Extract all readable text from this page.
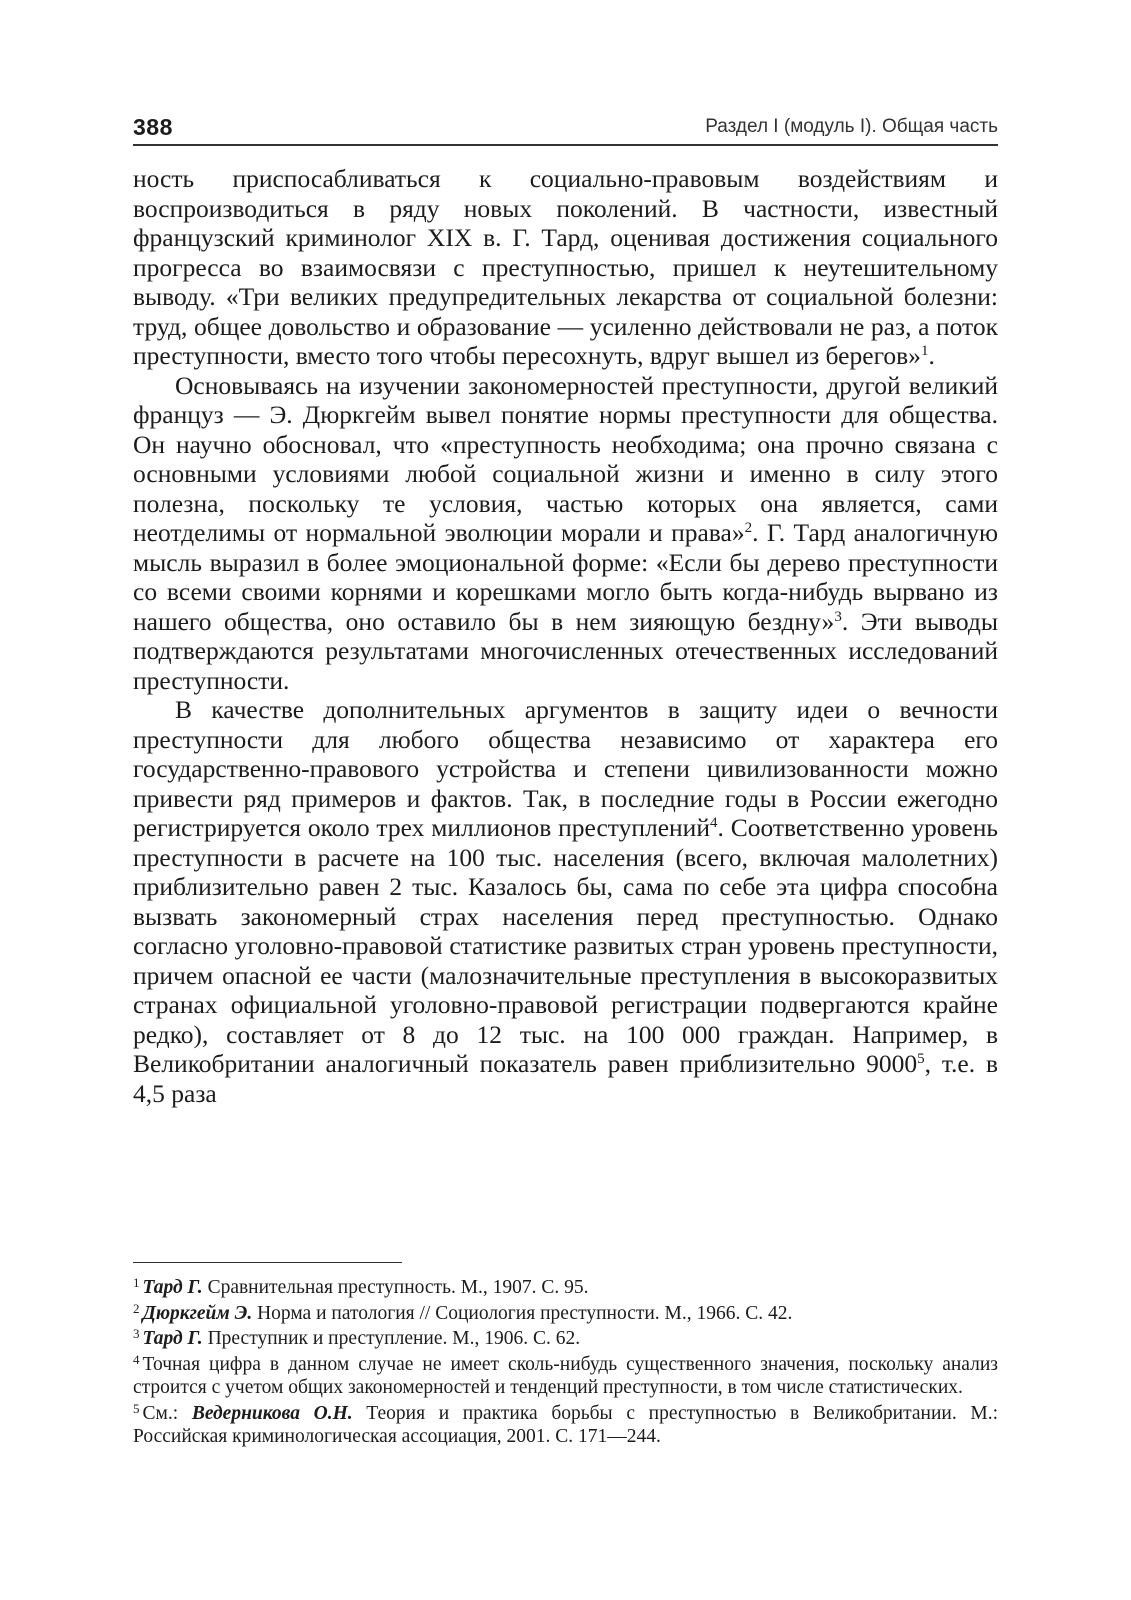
388	Раздел I (модуль I). Общая часть

ность приспосабливаться к социально-правовым воздействиям и воспроизводиться в ряду новых поколений. В частности, известный французский криминолог XIX в. Г. Тард, оценивая достижения социального прогресса во взаимосвязи с преступностью, пришел к неутешительному выводу. «Три великих предупредительных лекарства от социальной болезни: труд, общее довольство и образование — усиленно действовали не раз, а поток преступности, вместо того чтобы пересохнуть, вдруг вышел из берегов»$^1$.

Основываясь на изучении закономерностей преступности, другой великий француз — Э. Дюркгейм вывел понятие нормы преступности для общества. Он научно обосновал, что «преступность необходима; она прочно связана с основными условиями любой социальной жизни и именно в силу этого полезна, поскольку те условия, частью которых она является, сами неотделимы от нормальной эволюции морали и права»$^2$. Г. Тард аналогичную мысль выразил в более эмоциональной форме: «Если бы дерево преступности со всеми своими корнями и корешками могло быть когда-нибудь вырвано из нашего общества, оно оставило бы в нем зияющую бездну»$^3$. Эти выводы подтверждаются результатами многочисленных отечественных исследований преступности.

В качестве дополнительных аргументов в защиту идеи о вечности преступности для любого общества независимо от характера его государственно-правового устройства и степени цивилизованности можно привести ряд примеров и фактов. Так, в последние годы в России ежегодно регистрируется около трех миллионов преступлений$^4$. Соответственно уровень преступности в расчете на 100 тыс. населения (всего, включая малолетних) приблизительно равен 2 тыс. Казалось бы, сама по себе эта цифра способна вызвать закономерный страх населения перед преступностью. Однако согласно уголовно-правовой статистике развитых стран уровень преступности, причем опасной ее части (малозначительные преступления в высокоразвитых странах официальной уголовно-правовой регистрации подвергаются крайне редко), составляет от 8 до 12 тыс. на 100 000 граждан. Например, в Великобритании аналогичный показатель равен приблизительно 9000$^5$, т.е. в 4,5 раза

$^1$ Тард Г. Сравнительная преступность. М., 1907. С. 95.

$^2$ Дюркгейм Э. Норма и патология // Социология преступности. М., 1966. С. 42.

$^3$ Тард Г. Преступник и преступление. М., 1906. С. 62.

$^4$ Точная цифра в данном случае не имеет сколь-нибудь существенного значения, поскольку анализ строится с учетом общих закономерностей и тенденций преступности, в том числе статистических.

$^5$ См.: Ведерникова О.Н. Теория и практика борьбы с преступностью в Великобритании. М.: Российская криминологическая ассоциация, 2001. С. 171—244.
